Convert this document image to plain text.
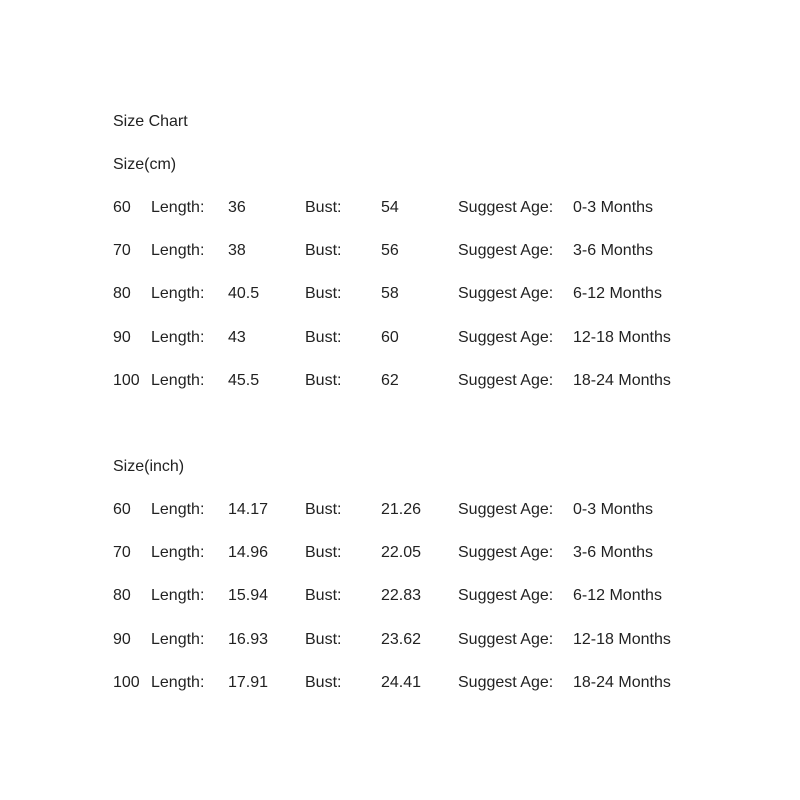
Size Chart
Size(cm)
60 Length: 36	Bust: 54	Suggest Age: 0-3 Months
70 Length: 38	Bust: 56	Suggest Age: 3-6 Months
80 Length: 40.5	Bust: 58	Suggest Age: 6-12 Months
90 Length: 43	Bust: 60	Suggest Age: 12-18 Months
100 Length: 45.5	Bust: 62	Suggest Age: 18-24 Months
Size(inch)
60 Length: 14.17 Bust: 21.26 Suggest Age: 0-3 Months
70 Length: 14.96 Bust: 22.05 Suggest Age: 3-6 Months
80 Length: 15.94 Bust: 22.83 Suggest Age: 6-12 Months
90 Length: 16.93 Bust: 23.62 Suggest Age: 12-18 Months
100 Length: 17.91 Bust: 24.41 Suggest Age: 18-24 Months
